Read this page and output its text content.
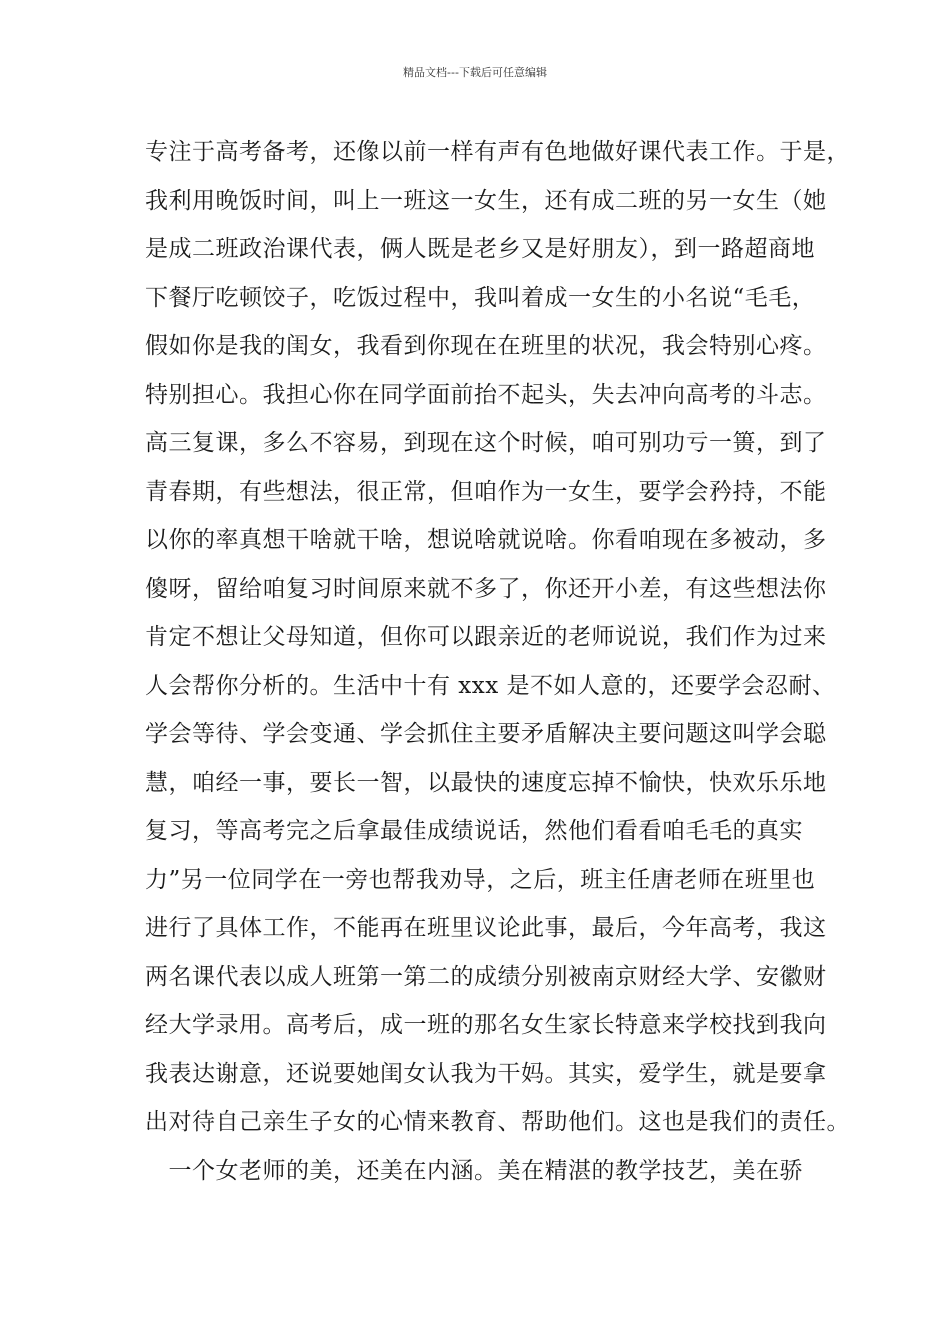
精品文档---下载后可任意编辑
专注于高考备考，还像以前一样有声有色地做好课代表工作。于是，
我利用晚饭时间，叫上一班这一女生，还有成二班的另一女生（她
是成二班政治课代表，俩人既是老乡又是好朋友），到一路超商地
下餐厅吃顿饺子，吃饭过程中，我叫着成一女生的小名说“毛毛，
假如你是我的闺女，我看到你现在在班里的状况，我会特别心疼。
特别担心。我担心你在同学面前抬不起头，失去冲向高考的斗志。
高三复课，多么不容易，到现在这个时候，咱可别功亏一篑，到了
青春期，有些想法，很正常，但咱作为一女生，要学会矜持，不能
以你的率真想干啥就干啥，想说啥就说啥。你看咱现在多被动，多
傻呀，留给咱复习时间原来就不多了，你还开小差，有这些想法你
肯定不想让父母知道，但你可以跟亲近的老师说说，我们作为过来
人会帮你分析的。生活中十有 xxx 是不如人意的，还要学会忍耐、
学会等待、学会变通、学会抓住主要矛盾解决主要问题这叫学会聪
慧，咱经一事，要长一智，以最快的速度忘掉不愉快，快欢乐乐地
复习，等高考完之后拿最佳成绩说话，然他们看看咱毛毛的真实
力”另一位同学在一旁也帮我劝导，之后，班主任唐老师在班里也
进行了具体工作，不能再在班里议论此事，最后，今年高考，我这
两名课代表以成人班第一第二的成绩分别被南京财经大学、安徽财
经大学录用。高考后，成一班的那名女生家长特意来学校找到我向
我表达谢意，还说要她闺女认我为干妈。其实，爱学生，就是要拿
出对待自己亲生子女的心情来教育、帮助他们。这也是我们的责任。
　一个女老师的美，还美在内涵。美在精湛的教学技艺，美在骄
